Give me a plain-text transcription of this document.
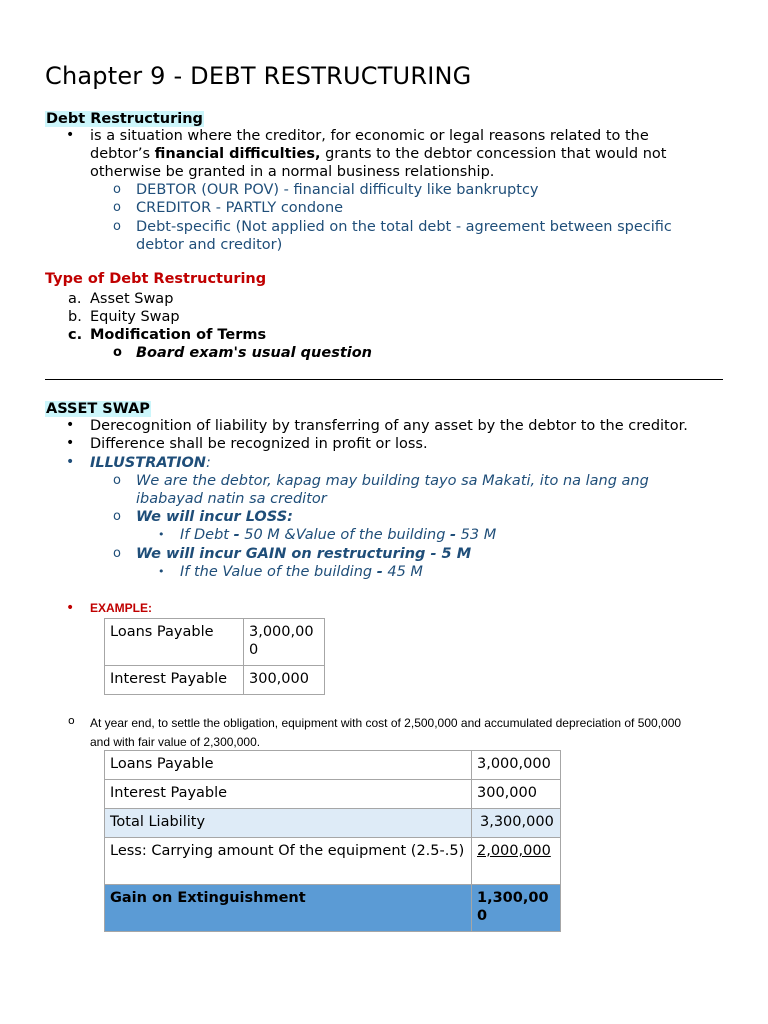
Chapter 9 - DEBT RESTRUCTURING
Debt Restructuring
• is a situation where the creditor, for economic or legal reasons related to the
debtor’s financial difficulties, grants to the debtor concession that would not
otherwise be granted in a normal business relationship.
o DEBTOR (OUR POV) - financial difficulty like bankruptcy
o CREDITOR - PARTLY condone
o Debt-specific (Not applied on the total debt - agreement between specific
debtor and creditor)
Type of Debt Restructuring
a. Asset Swap
b. Equity Swap
c. Modification of Terms
o Board exam's usual question
ASSET SWAP
• Derecognition of liability by transferring of any asset by the debtor to the creditor.
• Difference shall be recognized in profit or loss.
• ILLUSTRATION:
o We are the debtor, kapag may building tayo sa Makati, ito na lang ang
ibabayad natin sa creditor
o We will incur LOSS:
• If Debt - 50 M &Value of the building - 53 M
o We will incur GAIN on restructuring - 5 M
• If the Value of the building - 45 M
• EXAMPLE:
Loans Payable	3,000,00
0
Interest Payable	300,000
o At year end, to settle the obligation, equipment with cost of 2,500,000 and accumulated depreciation of 500,000
and with fair value of 2,300,000.
Loans Payable	3,000,000
Interest Payable	300,000
Total Liability	3,300,000
Less: Carrying amount Of the equipment (2.5-.5)	2,000,000
Gain on Extinguishment	1,300,000
